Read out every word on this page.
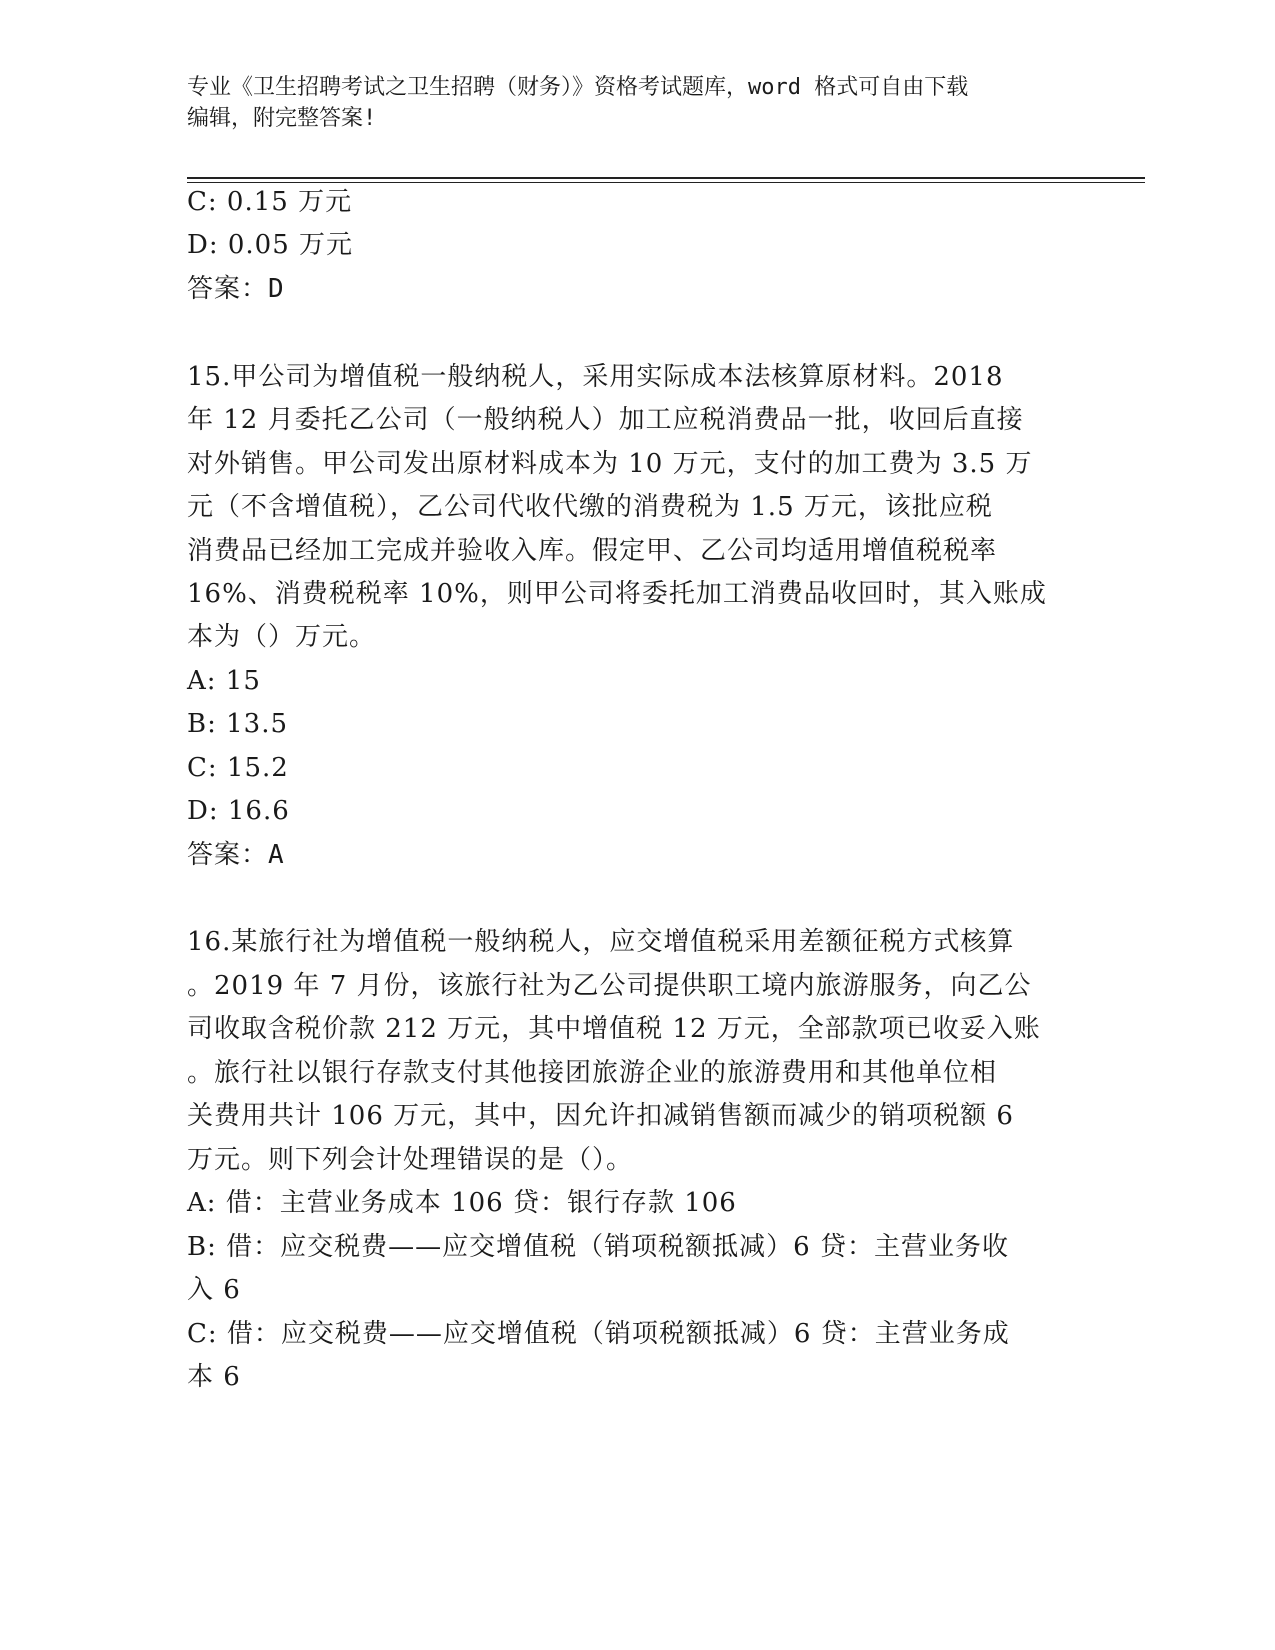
专业《卫生招聘考试之卫生招聘（财务）》资格考试题库，word 格式可自由下载
编辑，附完整答案!
C: 0.15 万元
D: 0.05 万元
答案：D
15.甲公司为增值税一般纳税人，采用实际成本法核算原材料。2018
年 12 月委托乙公司（一般纳税人）加工应税消费品一批，收回后直接
对外销售。甲公司发出原材料成本为 10 万元，支付的加工费为 3.5 万
元（不含增值税），乙公司代收代缴的消费税为 1.5 万元，该批应税
消费品已经加工完成并验收入库。假定甲、乙公司均适用增值税税率
16%、消费税税率 10%，则甲公司将委托加工消费品收回时，其入账成
本为（）万元。
A: 15
B: 13.5
C: 15.2
D: 16.6
答案：A
16.某旅行社为增值税一般纳税人，应交增值税采用差额征税方式核算
。2019 年 7 月份，该旅行社为乙公司提供职工境内旅游服务，向乙公
司收取含税价款 212 万元，其中增值税 12 万元，全部款项已收妥入账
。旅行社以银行存款支付其他接团旅游企业的旅游费用和其他单位相
关费用共计 106 万元，其中，因允许扣减销售额而减少的销项税额 6
万元。则下列会计处理错误的是（）。
A: 借：主营业务成本 106 贷：银行存款 106
B: 借：应交税费——应交增值税（销项税额抵减）6 贷：主营业务收
入 6
C: 借：应交税费——应交增值税（销项税额抵减）6 贷：主营业务成
本 6
